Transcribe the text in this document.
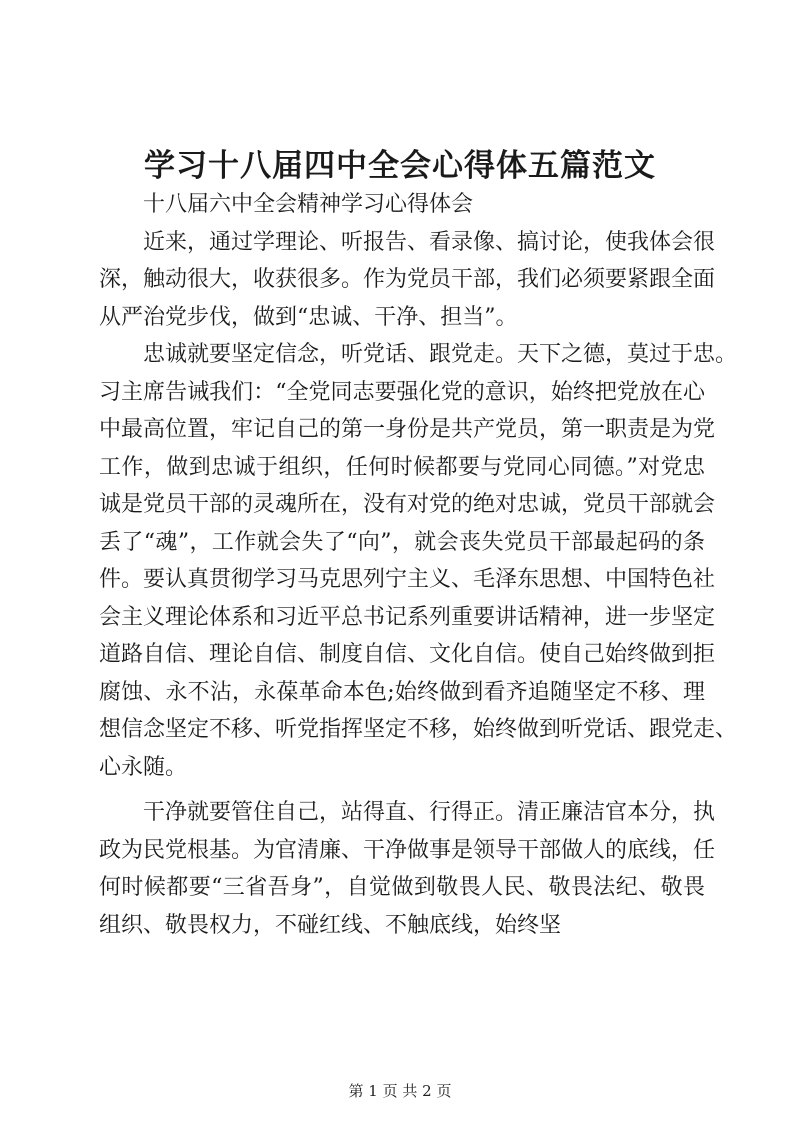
学习十八届四中全会心得体五篇范文
十八届六中全会精神学习心得体会
近来，通过学理论、听报告、看录像、搞讨论，使我体会很
深，触动很大，收获很多。作为党员干部，我们必须要紧跟全面
从严治党步伐，做到“忠诚、干净、担当”。
忠诚就要坚定信念，听党话、跟党走。天下之德，莫过于忠。
习主席告诫我们：“全党同志要强化党的意识，始终把党放在心
中最高位置，牢记自己的第一身份是共产党员，第一职责是为党
工作，做到忠诚于组织，任何时候都要与党同心同德。”对党忠
诚是党员干部的灵魂所在，没有对党的绝对忠诚，党员干部就会
丢了“魂”，工作就会失了“向”，就会丧失党员干部最起码的条
件。要认真贯彻学习马克思列宁主义、毛泽东思想、中国特色社
会主义理论体系和习近平总书记系列重要讲话精神，进一步坚定
道路自信、理论自信、制度自信、文化自信。使自己始终做到拒
腐蚀、永不沾，永葆革命本色;始终做到看齐追随坚定不移、理
想信念坚定不移、听党指挥坚定不移，始终做到听党话、跟党走、
心永随。
干净就要管住自己，站得直、行得正。清正廉洁官本分，执
政为民党根基。为官清廉、干净做事是领导干部做人的底线，任
何时候都要“三省吾身”，自觉做到敬畏人民、敬畏法纪、敬畏
组织、敬畏权力，不碰红线、不触底线，始终坚
第 1 页 共 2 页
